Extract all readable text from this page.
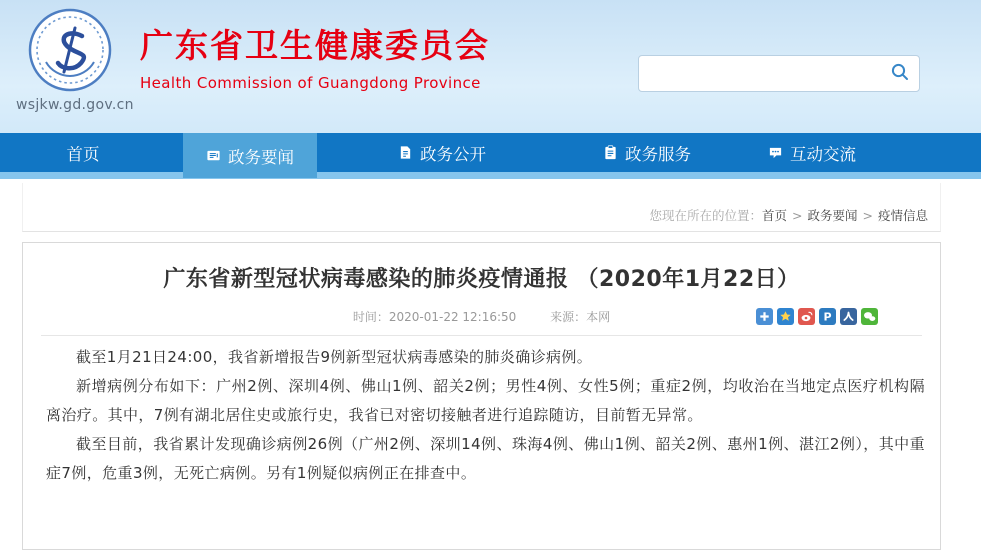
wsjkw.gd.gov.cn
广东省卫生健康委员会
Health Commission of Guangdong Province
首页	政务要闻	政务公开	政务服务	互动交流
您现在所在的位置：首页 > 政务要闻 > 疫情信息
广东省新型冠状病毒感染的肺炎疫情通报 （2020年1月22日）
时间：2020-01-22 12:16:50	来源：本网	P

截至1月21日24:00，我省新增报告9例新型冠状病毒感染的肺炎确诊病例。

新增病例分布如下：广州2例、深圳4例、佛山1例、韶关2例；男性4例、女性5例；重症2例，均收治在当地定点医疗机构隔离治疗。其中，7例有湖北居住史或旅行史，我省已对密切接触者进行追踪随访，目前暂无异常。

截至目前，我省累计发现确诊病例26例（广州2例、深圳14例、珠海4例、佛山1例、韶关2例、惠州1例、湛江2例），其中重症7例，危重3例，无死亡病例。另有1例疑似病例正在排查中。
